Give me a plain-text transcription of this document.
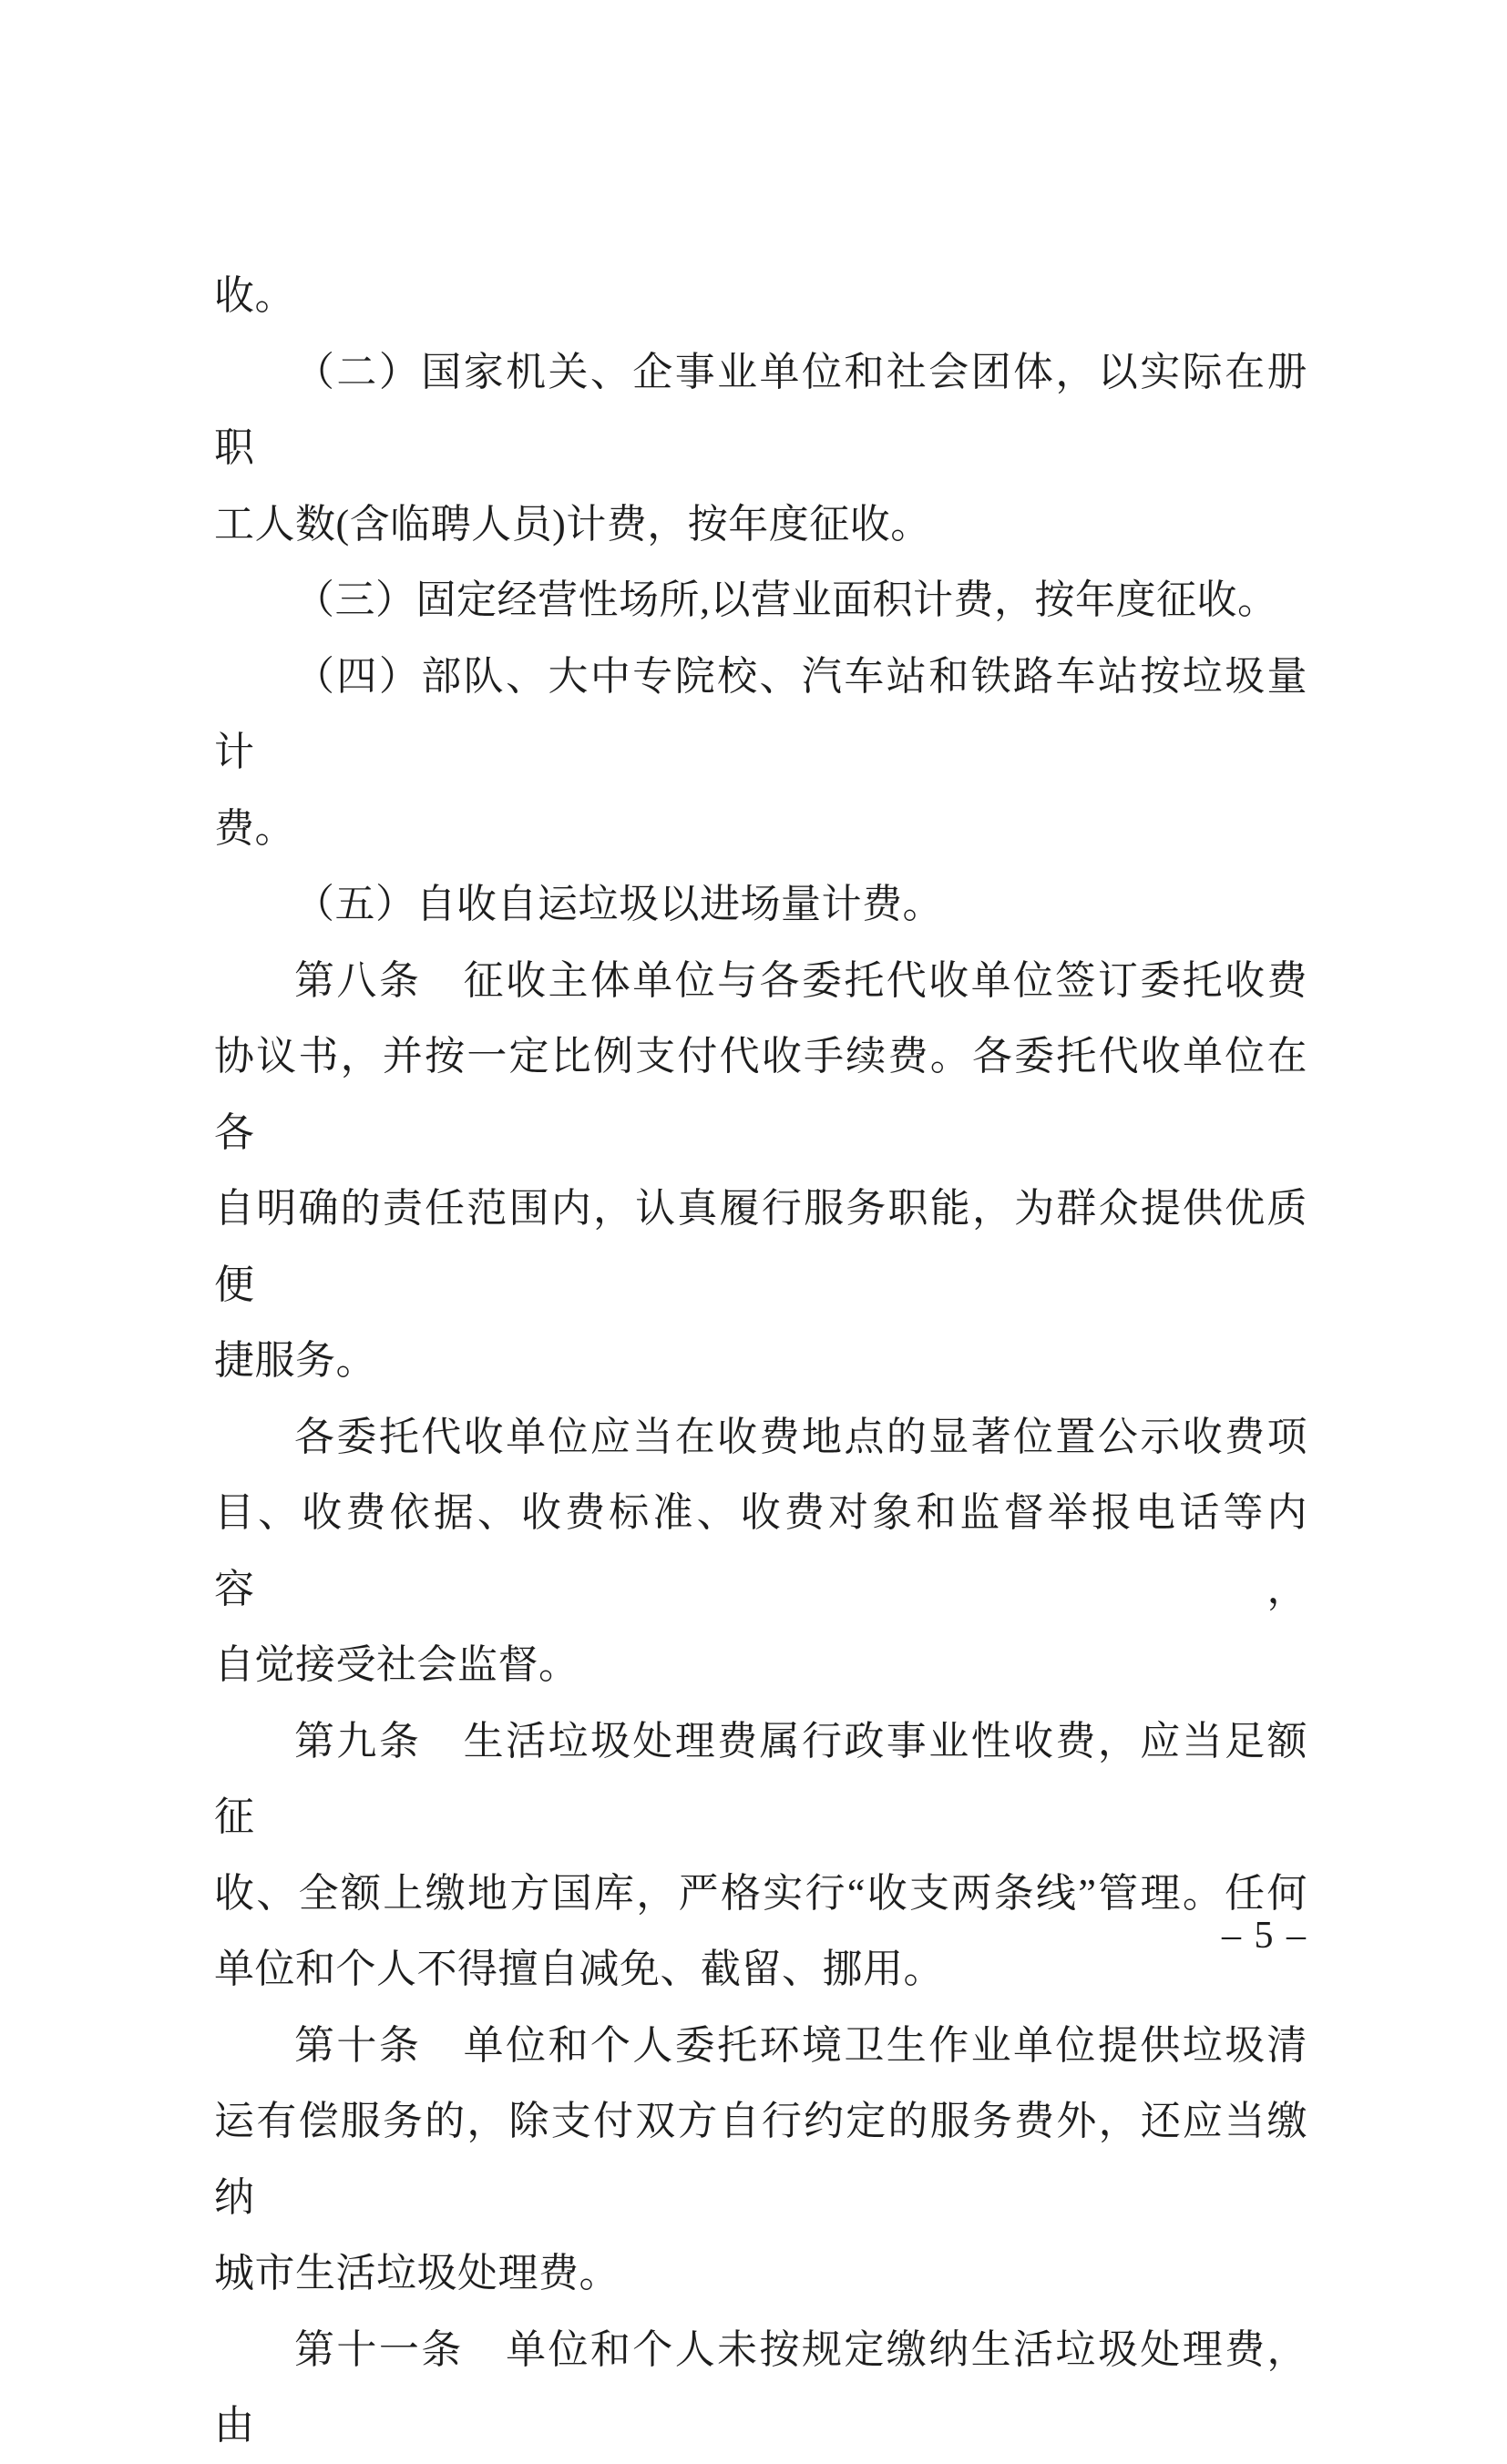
收。
（二）国家机关、企事业单位和社会团体，以实际在册职
工人数(含临聘人员)计费，按年度征收。
（三）固定经营性场所,以营业面积计费，按年度征收。
（四）部队、大中专院校、汽车站和铁路车站按垃圾量计
费。
（五）自收自运垃圾以进场量计费。
第八条　征收主体单位与各委托代收单位签订委托收费
协议书，并按一定比例支付代收手续费。各委托代收单位在各
自明确的责任范围内，认真履行服务职能，为群众提供优质便
捷服务。
各委托代收单位应当在收费地点的显著位置公示收费项
目、收费依据、收费标准、收费对象和监督举报电话等内容，
自觉接受社会监督。
第九条　生活垃圾处理费属行政事业性收费，应当足额征
收、全额上缴地方国库，严格实行“收支两条线”管理。任何
单位和个人不得擅自减免、截留、挪用。
第十条　单位和个人委托环境卫生作业单位提供垃圾清
运有偿服务的，除支付双方自行约定的服务费外，还应当缴纳
城市生活垃圾处理费。
第十一条　单位和个人未按规定缴纳生活垃圾处理费，由
– 5 –
